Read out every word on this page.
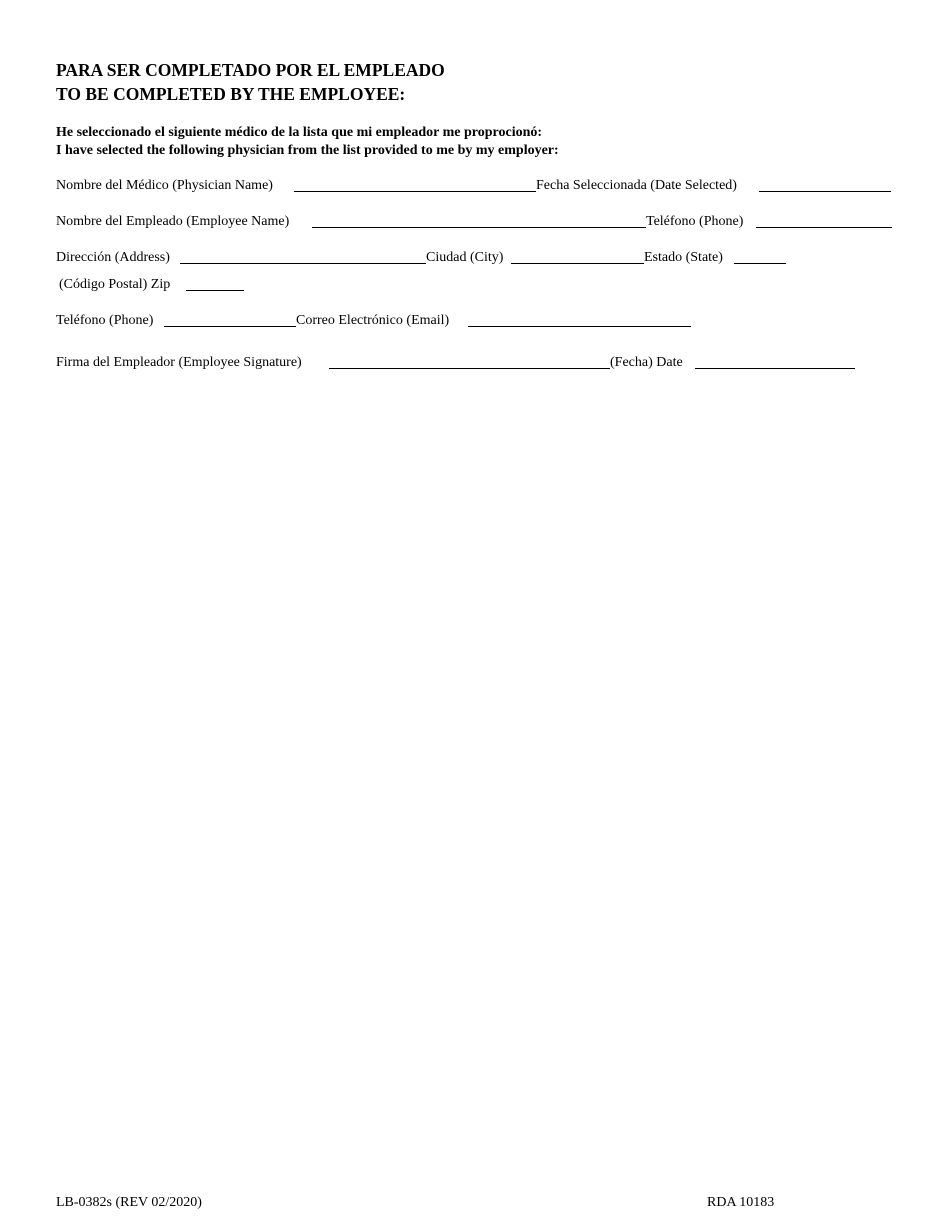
PARA SER COMPLETADO POR EL EMPLEADO
TO BE COMPLETED BY THE EMPLOYEE:
He seleccionado el siguiente médico de la lista que mi empleador me proprocionó:
I have selected the following physician from the list provided to me by my employer:
Nombre del Médico (Physician Name)	Fecha Seleccionada (Date Selected)
Nombre del Empleado (Employee Name)	Teléfono (Phone)
Dirección (Address)	Ciudad (City)	Estado (State)
(Código Postal) Zip
Teléfono (Phone)	Correo Electrónico (Email)
Firma del Empleador (Employee Signature)	(Fecha) Date
LB-0382s (REV 02/2020)	RDA 10183
